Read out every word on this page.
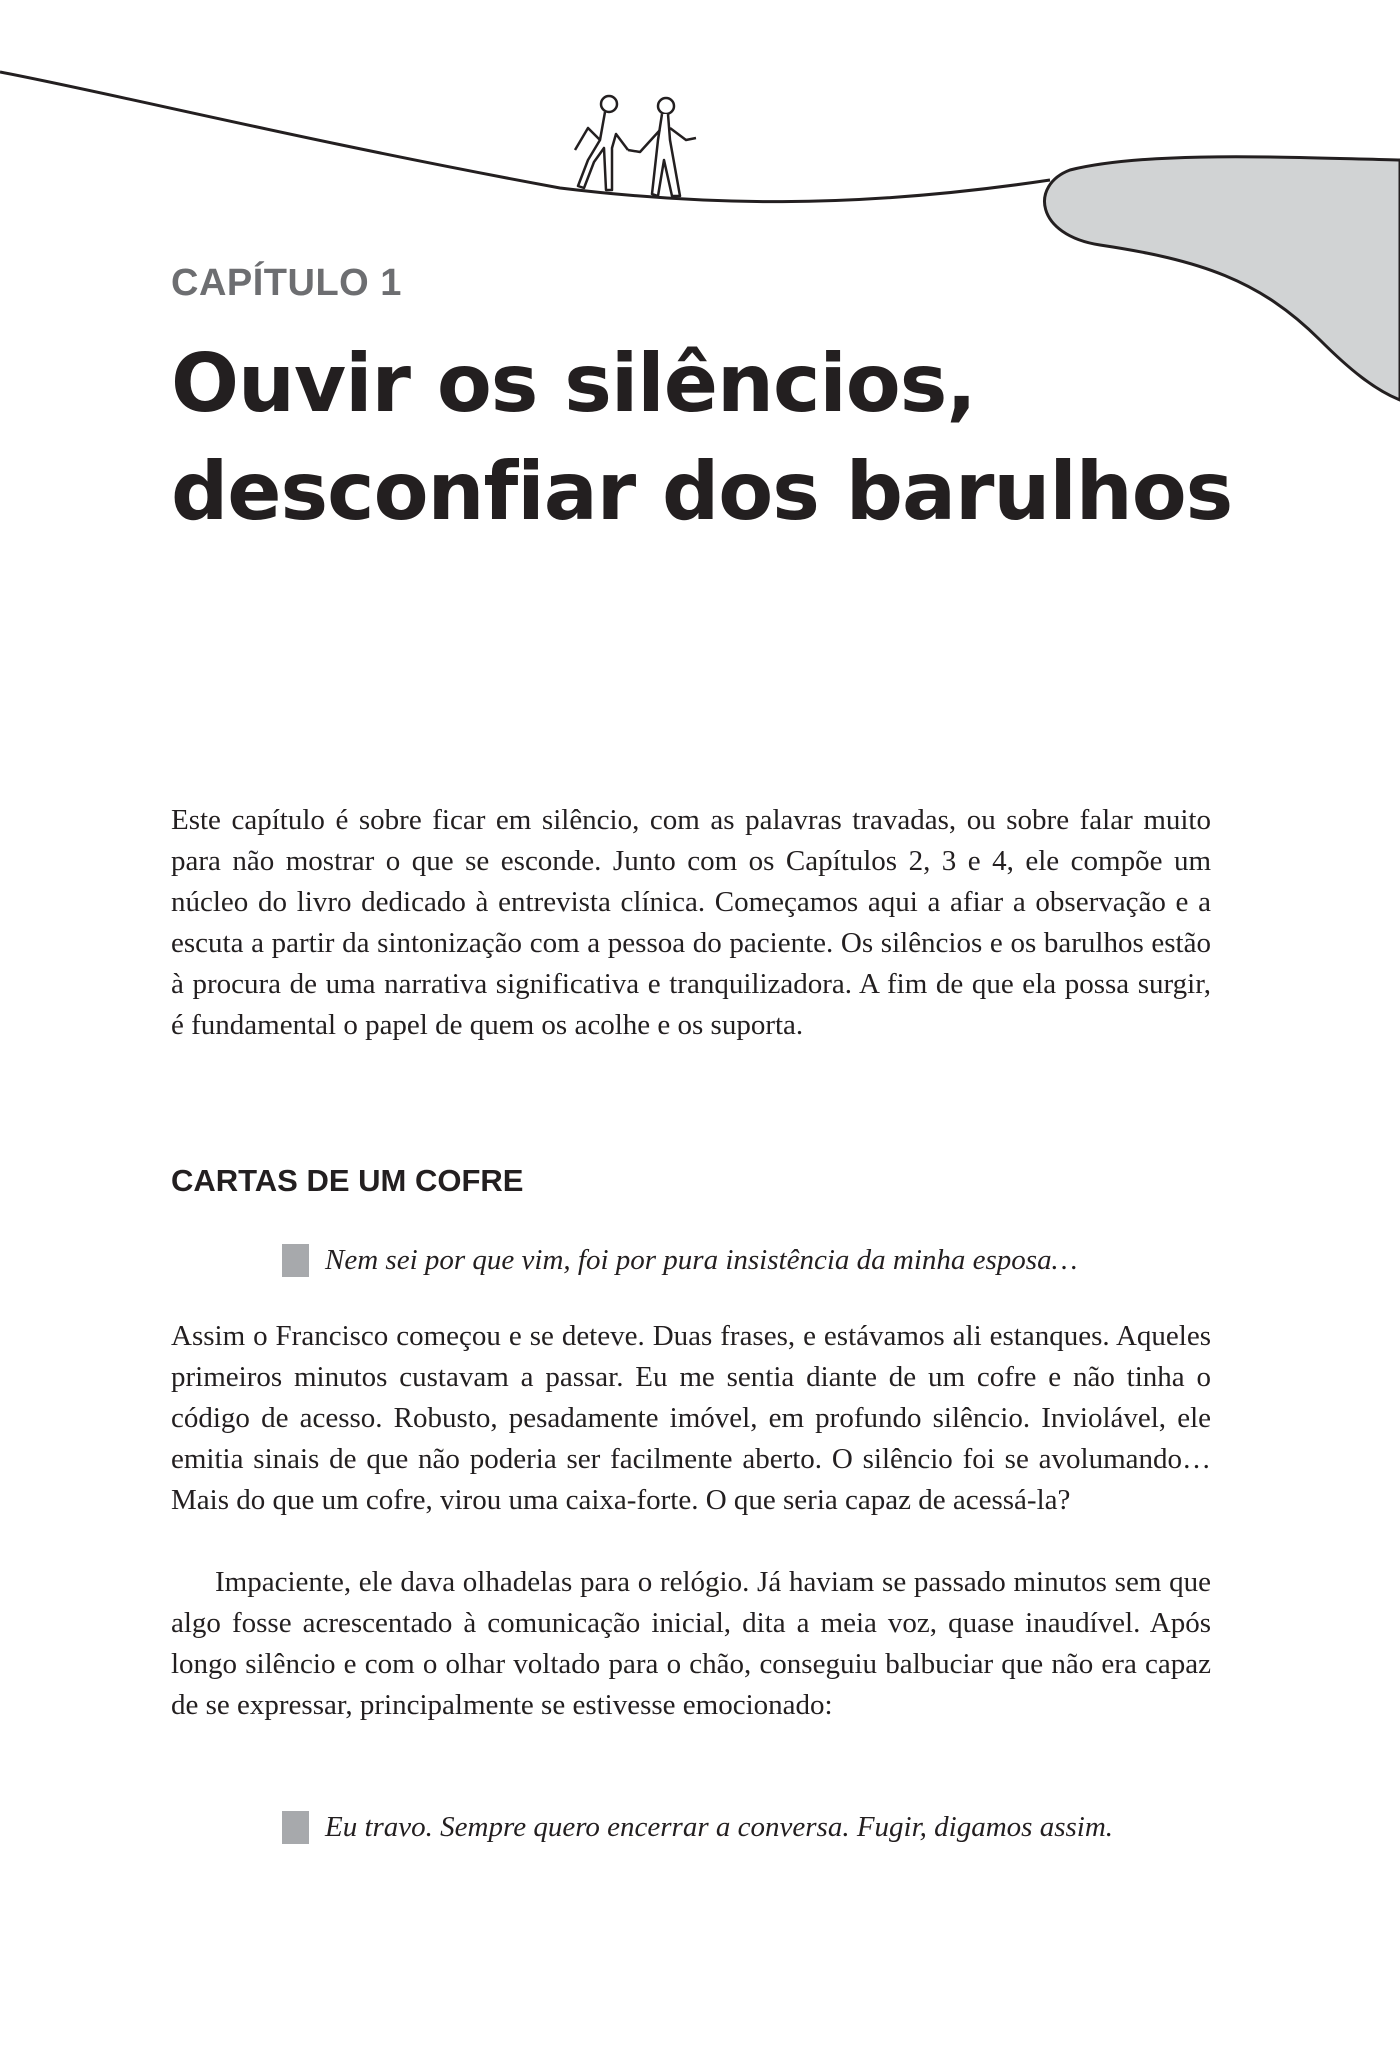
CAPÍTULO 1
Ouvir os silêncios,
desconfiar dos barulhos

Este capítulo é sobre ficar em silêncio, com as palavras travadas, ou sobre falar muito para não mostrar o que se esconde. Junto com os Capítulos 2, 3 e 4, ele compõe um núcleo do livro dedicado à entrevista clínica. Começamos aqui a afiar a observação e a escuta a partir da sintonização com a pessoa do paciente. Os silêncios e os barulhos estão à procura de uma narrativa significativa e tranquilizadora. A fim de que ela possa surgir, é fundamental o papel de quem os acolhe e os suporta.

CARTAS DE UM COFRE
Nem sei por que vim, foi por pura insistência da minha esposa…

Assim o Francisco começou e se deteve. Duas frases, e estávamos ali estanques. Aqueles primeiros minutos custavam a passar. Eu me sentia diante de um cofre e não tinha o código de acesso. Robusto, pesadamente imóvel, em profundo silêncio. Inviolável, ele emitia sinais de que não poderia ser facilmente aberto. O silêncio foi se avolumando… Mais do que um cofre, virou uma caixa-forte. O que seria capaz de acessá-la?

Impaciente, ele dava olhadelas para o relógio. Já haviam se passado minutos sem que algo fosse acrescentado à comunicação inicial, dita a meia voz, quase inaudível. Após longo silêncio e com o olhar voltado para o chão, conseguiu balbuciar que não era capaz de se expressar, principalmente se estivesse emocionado:

Eu travo. Sempre quero encerrar a conversa. Fugir, digamos assim.
